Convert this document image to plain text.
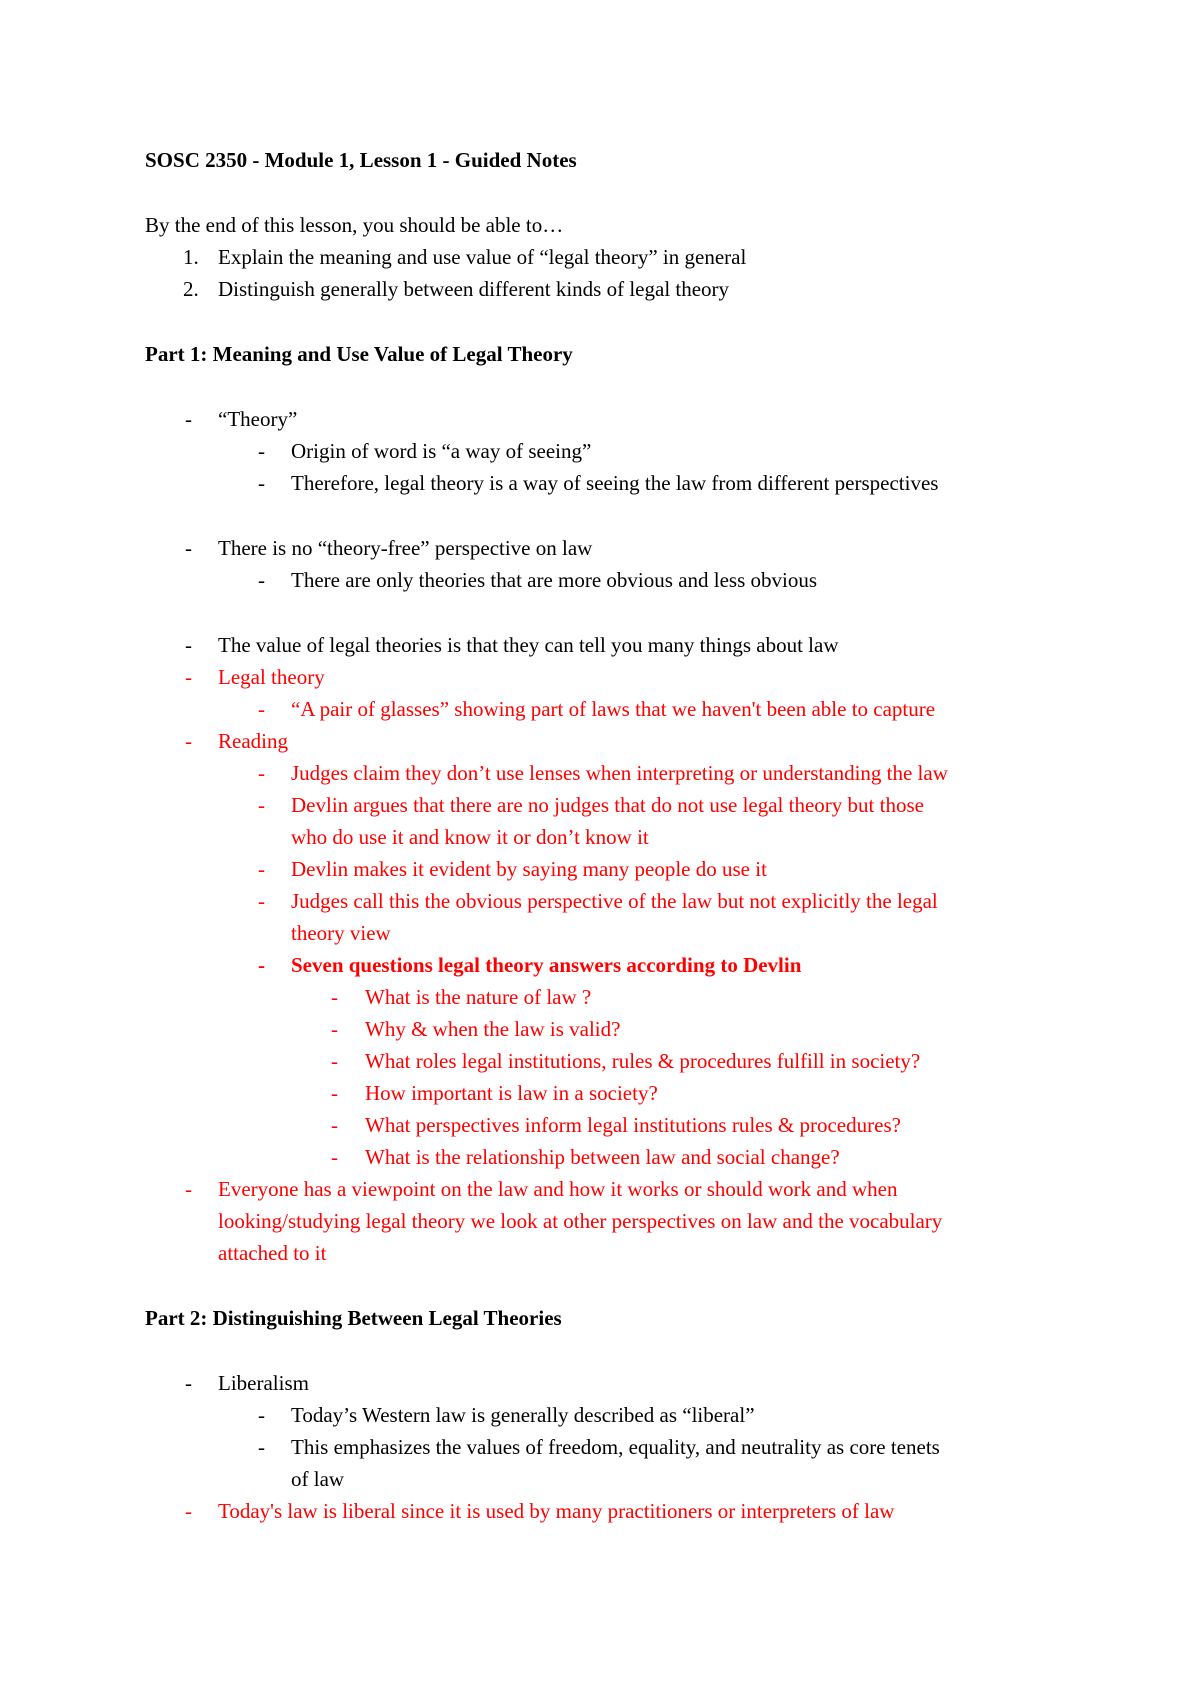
SOSC 2350 - Module 1, Lesson 1 - Guided Notes
By the end of this lesson, you should be able to…
1. Explain the meaning and use value of “legal theory” in general
2. Distinguish generally between different kinds of legal theory
Part 1: Meaning and Use Value of Legal Theory
- “Theory”
- Origin of word is “a way of seeing”
- Therefore, legal theory is a way of seeing the law from different perspectives
- There is no “theory-free” perspective on law
- There are only theories that are more obvious and less obvious
- The value of legal theories is that they can tell you many things about law
- Legal theory
- “A pair of glasses” showing part of laws that we haven't been able to capture
- Reading
- Judges claim they don’t use lenses when interpreting or understanding the law
- Devlin argues that there are no judges that do not use legal theory but those
who do use it and know it or don’t know it
- Devlin makes it evident by saying many people do use it
- Judges call this the obvious perspective of the law but not explicitly the legal
theory view
- Seven questions legal theory answers according to Devlin
- What is the nature of law ?
- Why & when the law is valid?
- What roles legal institutions, rules & procedures fulfill in society?
- How important is law in a society?
- What perspectives inform legal institutions rules & procedures?
- What is the relationship between law and social change?
- Everyone has a viewpoint on the law and how it works or should work and when
looking/studying legal theory we look at other perspectives on law and the vocabulary
attached to it
Part 2: Distinguishing Between Legal Theories
- Liberalism
- Today’s Western law is generally described as “liberal”
- This emphasizes the values of freedom, equality, and neutrality as core tenets
of law
- Today's law is liberal since it is used by many practitioners or interpreters of law
